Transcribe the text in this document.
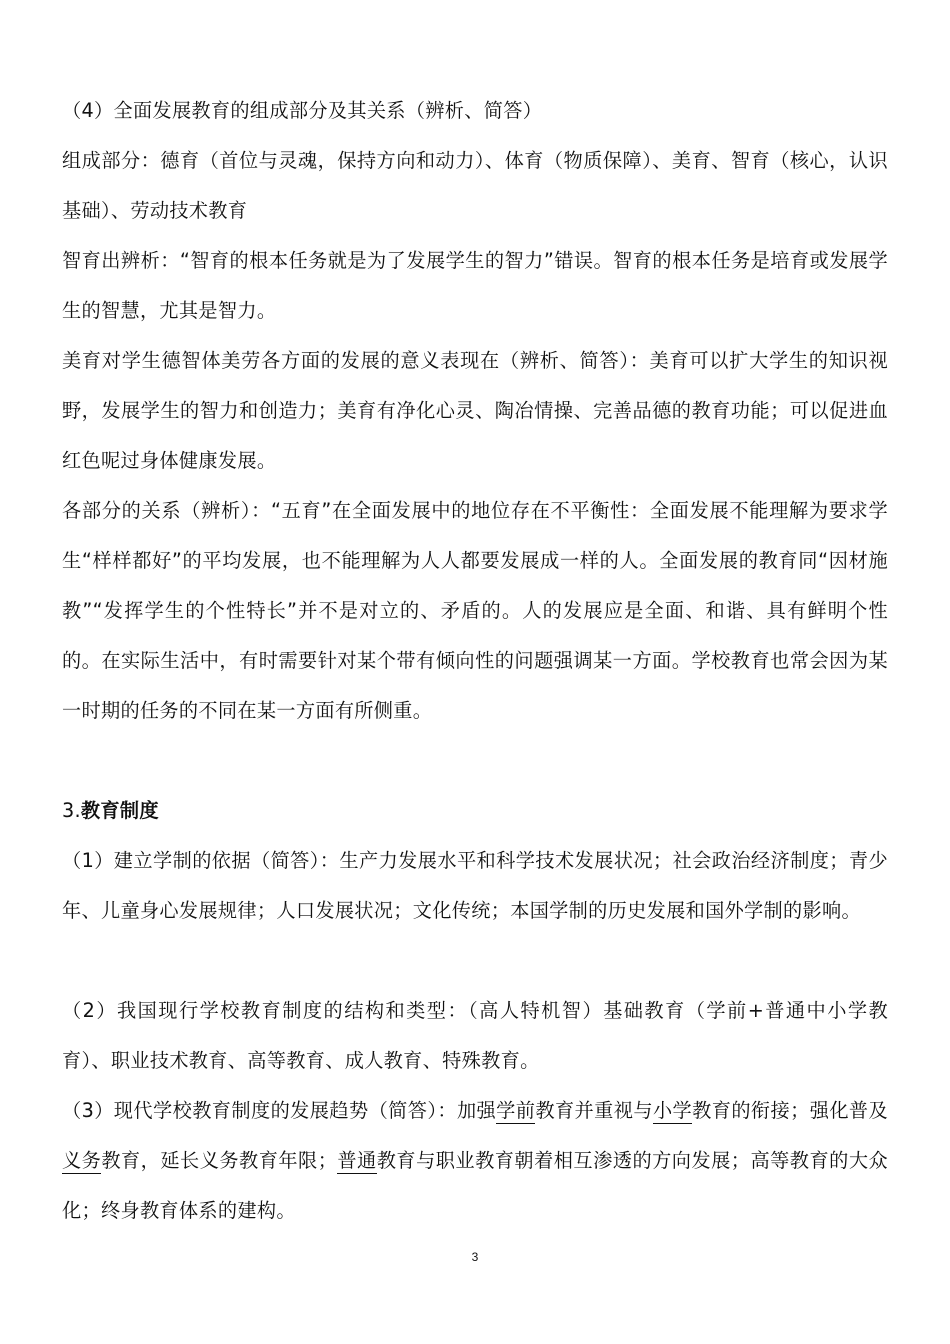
（4）全面发展教育的组成部分及其关系（辨析、简答）

组成部分：德育（首位与灵魂，保持方向和动力）、体育（物质保障）、美育、智育（核心，认识基础）、劳动技术教育

智育出辨析：“智育的根本任务就是为了发展学生的智力”错误。智育的根本任务是培育或发展学生的智慧，尤其是智力。

美育对学生德智体美劳各方面的发展的意义表现在（辨析、简答）：美育可以扩大学生的知识视野，发展学生的智力和创造力；美育有净化心灵、陶冶情操、完善品德的教育功能；可以促进血红色呢过身体健康发展。

各部分的关系（辨析）：“五育”在全面发展中的地位存在不平衡性：全面发展不能理解为要求学生“样样都好”的平均发展，也不能理解为人人都要发展成一样的人。全面发展的教育同“因材施教”“发挥学生的个性特长”并不是对立的、矛盾的。人的发展应是全面、和谐、具有鲜明个性的。在实际生活中，有时需要针对某个带有倾向性的问题强调某一方面。学校教育也常会因为某一时期的任务的不同在某一方面有所侧重。

3.教育制度

（1）建立学制的依据（简答）：生产力发展水平和科学技术发展状况；社会政治经济制度；青少年、儿童身心发展规律；人口发展状况；文化传统；本国学制的历史发展和国外学制的影响。

（2）我国现行学校教育制度的结构和类型：（高人特机智）基础教育（学前+普通中小学教育）、职业技术教育、高等教育、成人教育、特殊教育。

（3）现代学校教育制度的发展趋势（简答）：加强学前教育并重视与小学教育的衔接；强化普及义务教育，延长义务教育年限；普通教育与职业教育朝着相互渗透的方向发展；高等教育的大众化；终身教育体系的建构。

3
